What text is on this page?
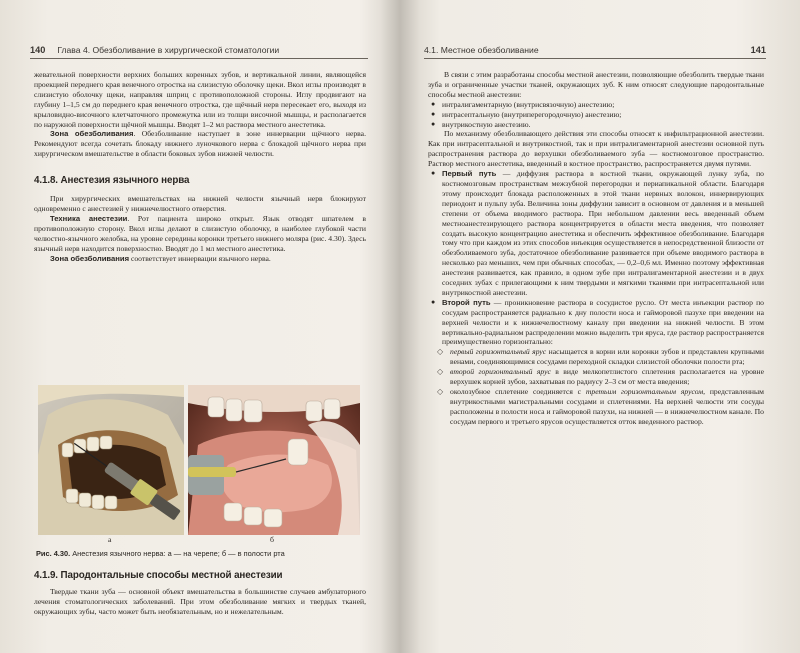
140 Глава 4. Обезболивание в хирургической стоматологии

жевательной поверхности верхних больших коренных зубов, и вертикальной линии, являющейся проекцией переднего края венечного отростка на слизистую оболочку щеки. Вкол иглы производят в слизистую оболочку щеки, направляя шприц с противоположной стороны. Иглу продвигают на глубину 1–1,5 см до переднего края венечного отростка, где щёчный нерв пересекает его, выходя из крыловидно-височного клетчаточного промежутка или из толщи височной мышцы, и располагается по наружной поверхности щёчной мышцы. Вводят 1–2 мл раствора местного анестетика.

Зона обезболивания. Обезболивание наступает в зоне иннервации щёчного нерва. Рекомендуют всегда сочетать блокаду нижнего луночкового нерва с блокадой щёчного нерва при хирургическом вмешательстве в области боковых зубов нижней челюсти.

4.1.8. Анестезия язычного нерва

При хирургических вмешательствах на нижней челюсти язычный нерв блокируют одновременно с анестезией у нижнечелюстного отверстия.

Техника анестезии. Рот пациента широко открыт. Язык отводят шпателем в противоположную сторону. Вкол иглы делают в слизистую оболочку, в наиболее глубокой части челюстно-язычного желобка, на уровне середины коронки третьего нижнего моляра (рис. 4.30). Здесь язычный нерв находится поверхностно. Вводят до 1 мл местного анестетика.

Зона обезболивания соответствует иннервации язычного нерва.

а	б
Рис. 4.30. Анестезия язычного нерва: а — на черепе; б — в полости рта
4.1.9. Пародонтальные способы местной анестезии

Твердые ткани зуба — основной объект вмешательства в большинстве случаев амбулаторного лечения стоматологических заболеваний. При этом обезболивание мягких и твердых тканей, окружающих зубы, часто может быть необязательным, но и нежелательным.

4.1. Местное обезболивание	141

В связи с этим разработаны способы местной анестезии, позволяющие обезболить твердые ткани зуба и ограниченные участки тканей, окружающих зуб. К ним относят следующие пародонтальные способы местной анестезии:

● интралигаментарную (внутрисвязочную) анестезию;
● интрасептальную (внутриперегородочную) анестезию;
● внутрикостную анестезию.

По механизму обезболивающего действия эти способы относят к инфильтрационной анестезии. Как при интрасептальной и внутрикостной, так и при интралигаментарной анестезии основной путь распространения раствора до верхушки обезболиваемого зуба — костномозговое пространство. Раствор местного анестетика, введенный в костное пространство, распространяется двумя путями.

● Первый путь — диффузия раствора в костной ткани, окружающей лунку зуба, по костномозговым пространствам межзубной перегородки и периапикальной области. Благодаря этому происходит блокада расположенных в этой ткани нервных волокон, иннервирующих периодонт и пульпу зуба. Величина зоны диффузии зависит в основном от давления и в меньшей степени от объема вводимого раствора. При небольшом давлении весь введенный объем местноанестезирующего раствора концентрируется в области места введения, что позволяет создать высокую концентрацию анестетика и обеспечить эффективное обезболивание. Благодаря тому что при каждом из этих способов инъекция осуществляется в непосредственной близости от обезболиваемого зуба, достаточное обезболивание развивается при объеме вводимого раствора в несколько раз меньших, чем при обычных способах, — 0,2–0,6 мл. Именно поэтому эффективная анестезия развивается, как правило, в одном зубе при интралигаментарной анестезии и в двух соседних зубах с прилегающими к ним твердыми и мягкими тканями при интрасептальной или внутрикостной анестезии.
● Второй путь — проникновение раствора в сосудистое русло. От места инъекции раствор по сосудам распространяется радиально к дну полости носа и гайморовой пазухе при введении на верхней челюсти и к нижнечелюстному каналу при введении на нижней челюсти. В этом вертикально-радиальном распределении можно выделить три яруса, где раствор распространяется преимущественно горизонтально:
◇ первый горизонтальный ярус насыщается в корни или коронки зубов и представлен крупными венами, соединяющимися сосудами переходной складки слизистой оболочки полости рта;
◇ второй горизонтальный ярус в виде мелкопетлистого сплетения располагается на уровне верхушек корней зубов, захватывая по радиусу 2–3 см от места введения;
◇ околозубное сплетение соединяется с третьим горизонтальным ярусом, представленным внутрикостными магистральными сосудами и сплетениями. На верхней челюсти эти сосуды расположены в полости носа и гайморовой пазухи, на нижней — в нижнечелюстном канале. По сосудам первого и третьего ярусов осуществляется отток введенного раствор.
